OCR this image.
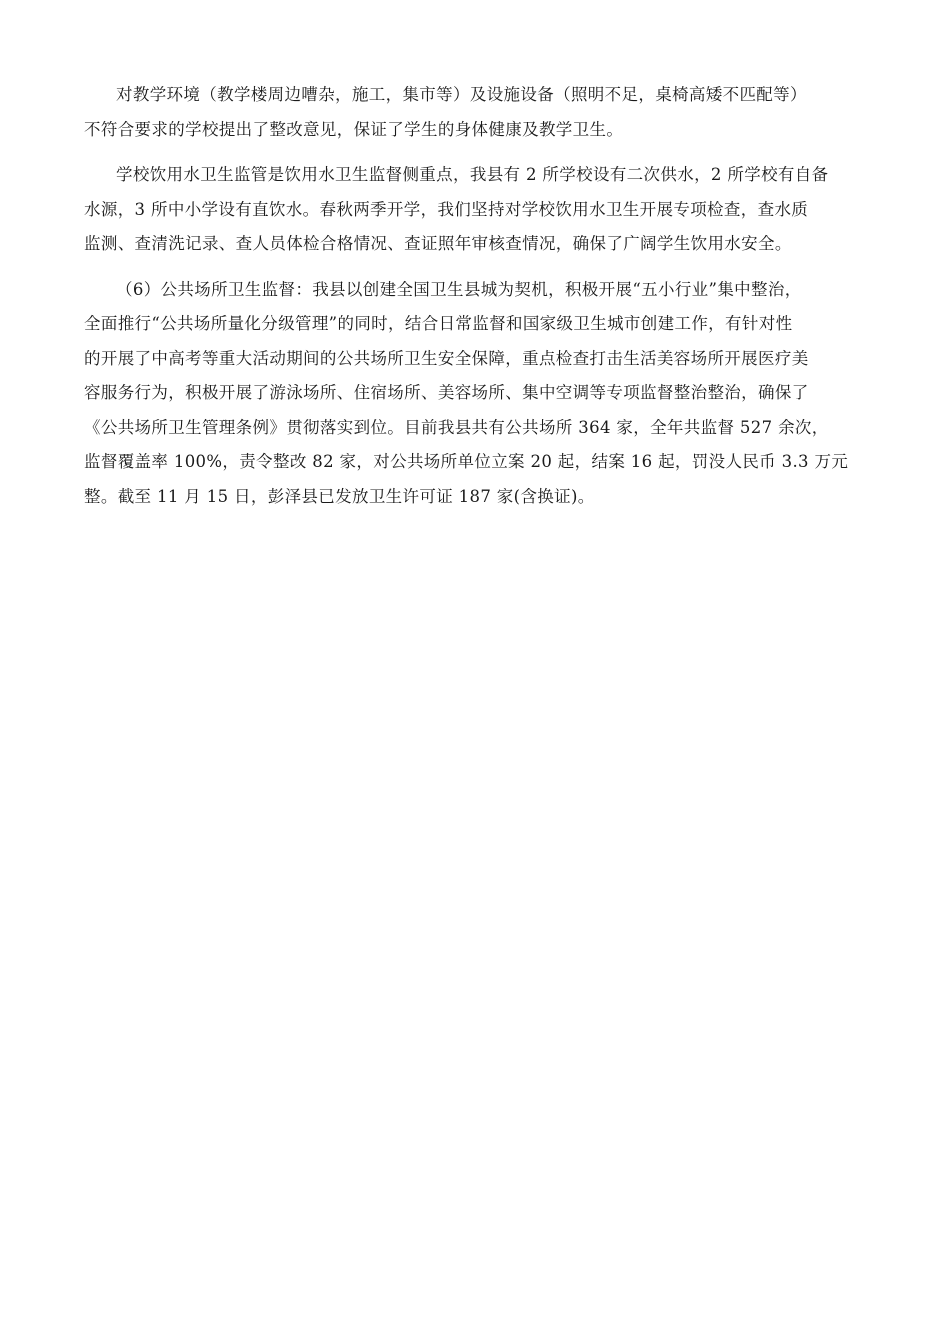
对教学环境（教学楼周边嘈杂，施工，集市等）及设施设备（照明不足，桌椅高矮不匹配等）
不符合要求的学校提出了整改意见，保证了学生的身体健康及教学卫生。

学校饮用水卫生监管是饮用水卫生监督侧重点，我县有 2 所学校设有二次供水，2 所学校有自备
水源，3 所中小学设有直饮水。春秋两季开学，我们坚持对学校饮用水卫生开展专项检查，查水质
监测、查清洗记录、查人员体检合格情况、查证照年审核查情况，确保了广阔学生饮用水安全。

（6）公共场所卫生监督：我县以创建全国卫生县城为契机，积极开展“五小行业”集中整治，
全面推行“公共场所量化分级管理”的同时，结合日常监督和国家级卫生城市创建工作，有针对性
的开展了中高考等重大活动期间的公共场所卫生安全保障，重点检查打击生活美容场所开展医疗美
容服务行为，积极开展了游泳场所、住宿场所、美容场所、集中空调等专项监督整治整治，确保了
《公共场所卫生管理条例》贯彻落实到位。目前我县共有公共场所 364 家，全年共监督 527 余次，
监督覆盖率 100%，责令整改 82 家，对公共场所单位立案 20 起，结案 16 起，罚没人民币 3.3 万元
整。截至 11 月 15 日，彭泽县已发放卫生许可证 187 家(含换证)。
